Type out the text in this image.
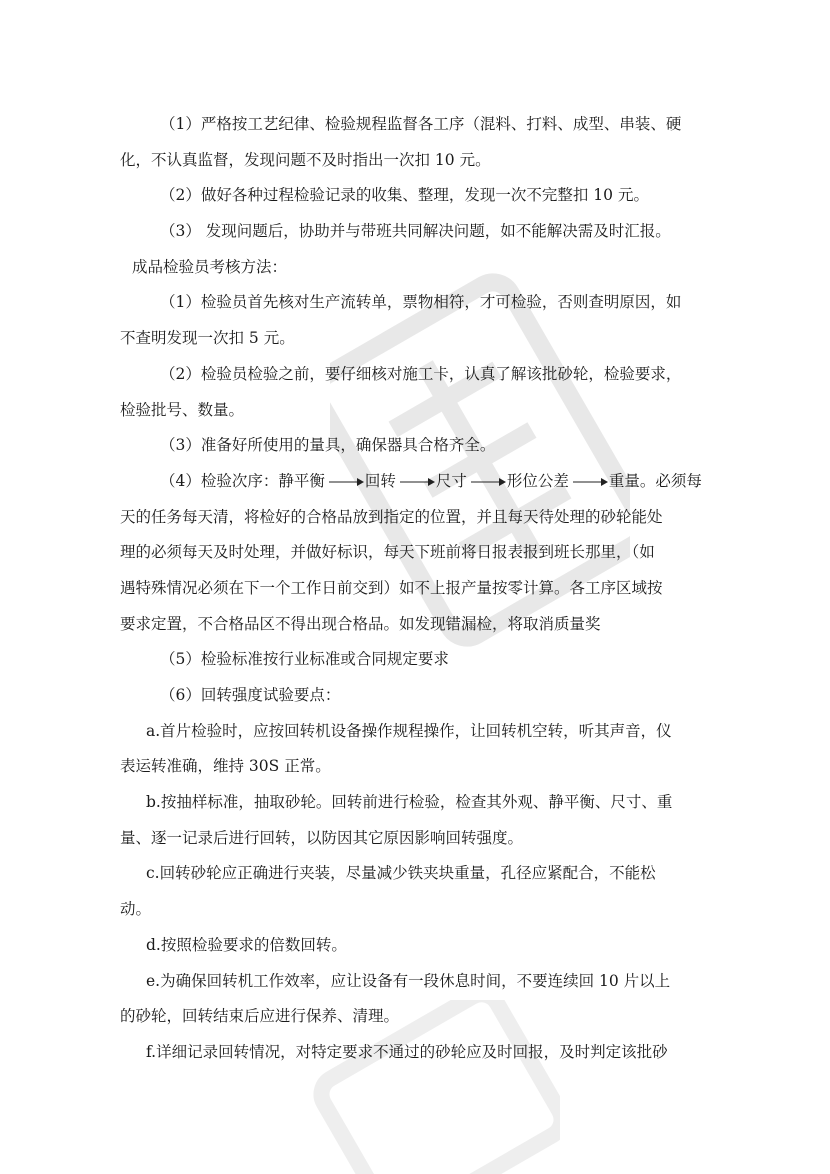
（1）严格按工艺纪律、检验规程监督各工序（混料、打料、成型、串装、硬
化，不认真监督，发现问题不及时指出一次扣 10 元。
（2）做好各种过程检验记录的收集、整理，发现一次不完整扣 10 元。
（3） 发现问题后，协助并与带班共同解决问题，如不能解决需及时汇报。
成品检验员考核方法：
（1）检验员首先核对生产流转单，票物相符，才可检验，否则查明原因，如
不查明发现一次扣 5 元。
（2）检验员检验之前，要仔细核对施工卡，认真了解该批砂轮，检验要求，
检验批号、数量。
（3）准备好所使用的量具，确保器具合格齐全。
（4）检验次序：静平衡	回转	尺寸	形位公差	重量。必须每
天的任务每天清，将检好的合格品放到指定的位置，并且每天待处理的砂轮能处
理的必须每天及时处理，并做好标识，每天下班前将日报表报到班长那里，（如
遇特殊情况必须在下一个工作日前交到）如不上报产量按零计算。各工序区域按
要求定置，不合格品区不得出现合格品。如发现错漏检，将取消质量奖
（5）检验标准按行业标准或合同规定要求
（6）回转强度试验要点：
a.首片检验时，应按回转机设备操作规程操作，让回转机空转，听其声音，仪
表运转准确，维持 30S 正常。
b.按抽样标准，抽取砂轮。回转前进行检验，检查其外观、静平衡、尺寸、重
量、逐一记录后进行回转，以防因其它原因影响回转强度。
c.回转砂轮应正确进行夹装，尽量减少铁夹块重量，孔径应紧配合，不能松
动。
d.按照检验要求的倍数回转。
e.为确保回转机工作效率，应让设备有一段休息时间，不要连续回 10 片以上
的砂轮，回转结束后应进行保养、清理。
f.详细记录回转情况，对特定要求不通过的砂轮应及时回报，及时判定该批砂
